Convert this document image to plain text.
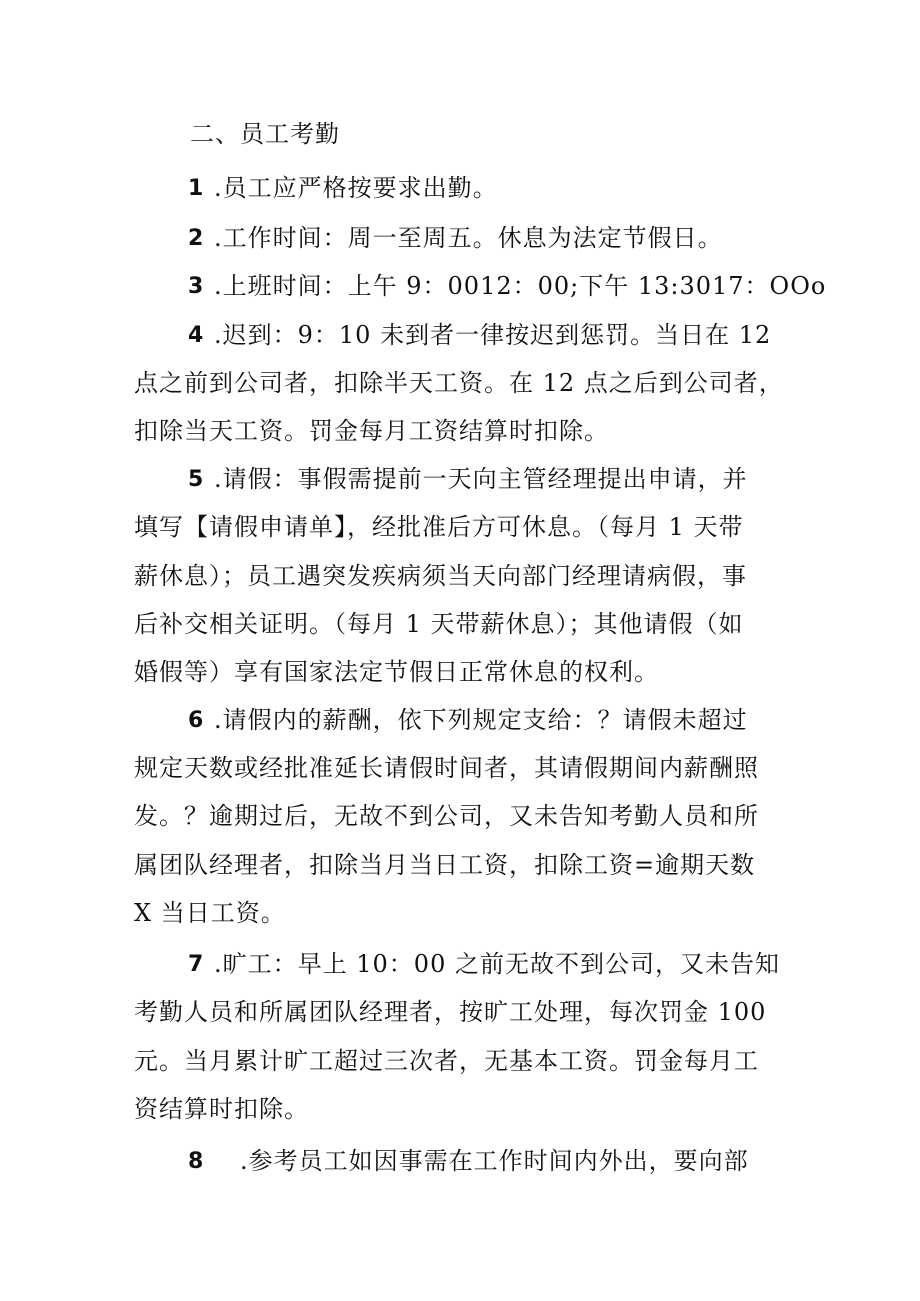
二、员工考勤
1 .员工应严格按要求出勤。
2 .工作时间：周一至周五。休息为法定节假日。
3 .上班时间：上午 9：0012：00;下午 13:3017：OOo
4 .迟到：9：10 未到者一律按迟到惩罚。当日在 12
点之前到公司者，扣除半天工资。在 12 点之后到公司者，
扣除当天工资。罚金每月工资结算时扣除。
5 .请假：事假需提前一天向主管经理提出申请，并
填写【请假申请单】，经批准后方可休息。（每月 1 天带
薪休息）；员工遇突发疾病须当天向部门经理请病假，事
后补交相关证明。（每月 1 天带薪休息）；其他请假（如
婚假等）享有国家法定节假日正常休息的权利。
6 .请假内的薪酬，依下列规定支给：？请假未超过
规定天数或经批准延长请假时间者，其请假期间内薪酬照
发。？逾期过后，无故不到公司，又未告知考勤人员和所
属团队经理者，扣除当月当日工资，扣除工资=逾期天数
X 当日工资。
7 .旷工：早上 10：00 之前无故不到公司，又未告知
考勤人员和所属团队经理者，按旷工处理，每次罚金 100
元。当月累计旷工超过三次者，无基本工资。罚金每月工
资结算时扣除。
8 .参考员工如因事需在工作时间内外出，要向部
